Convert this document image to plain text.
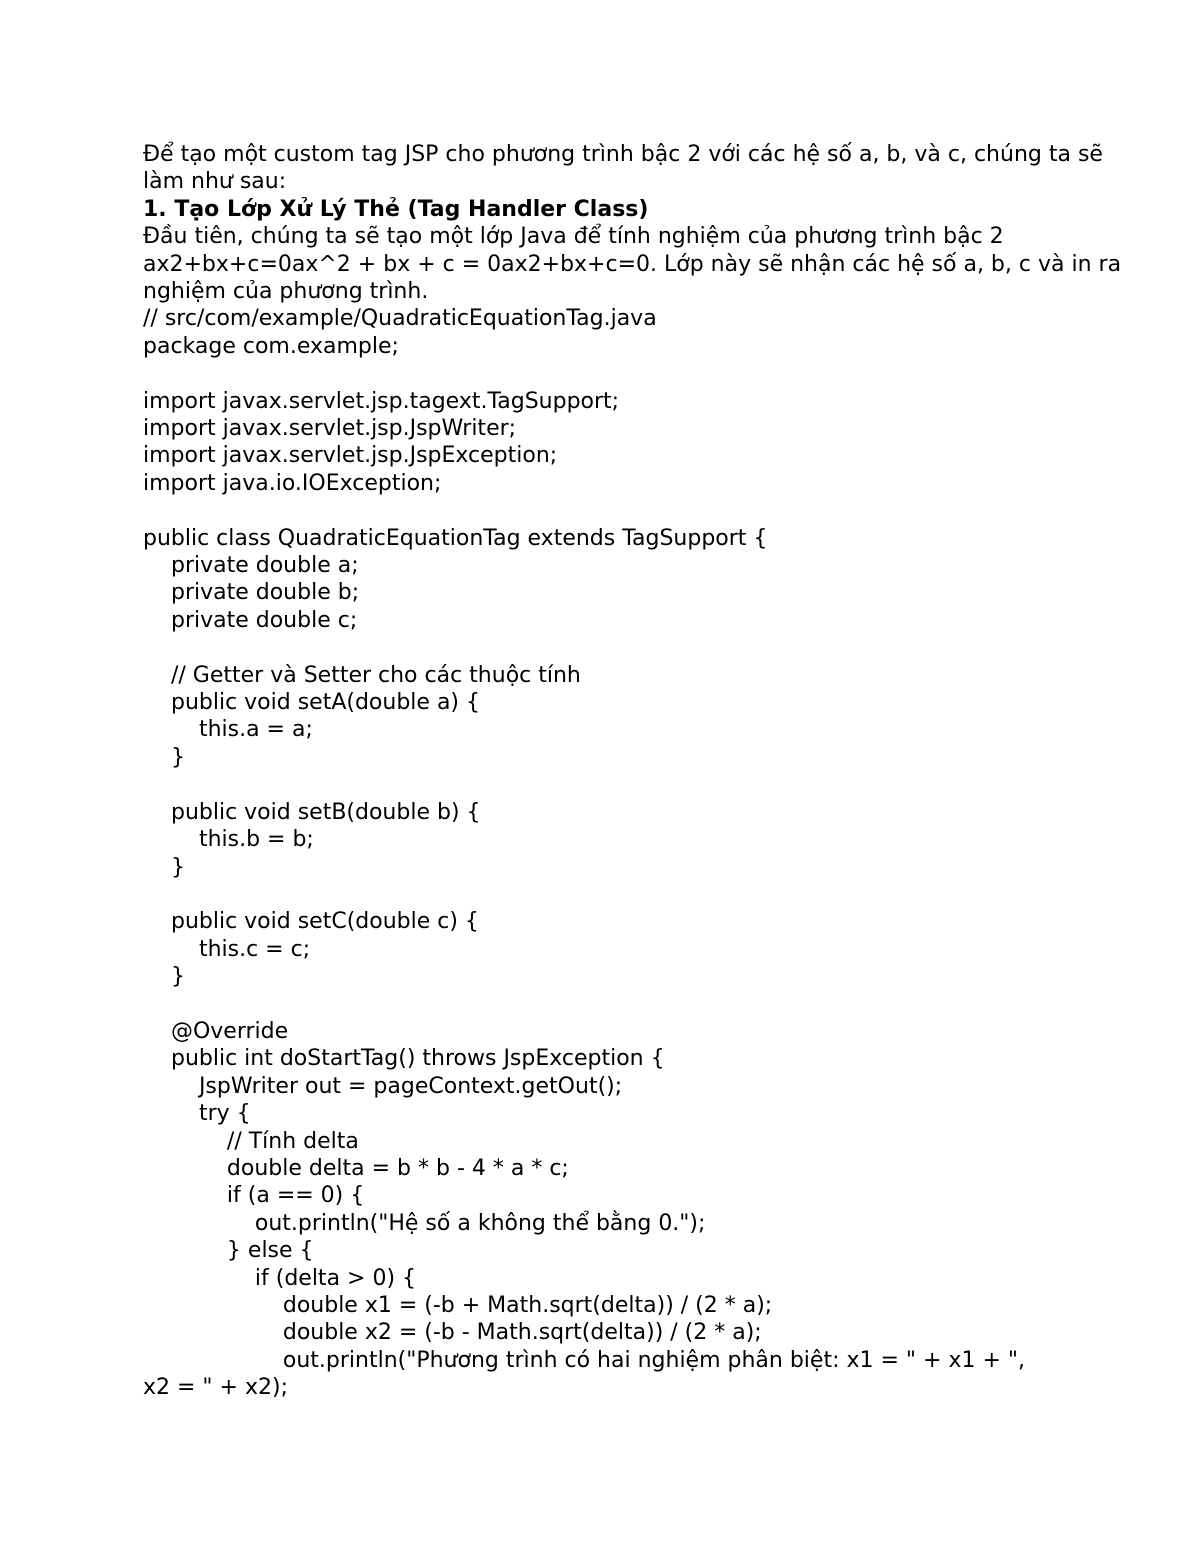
Để tạo một custom tag JSP cho phương trình bậc 2 với các hệ số a, b, và c, chúng ta sẽ làm như sau:
1. Tạo Lớp Xử Lý Thẻ (Tag Handler Class)
Đầu tiên, chúng ta sẽ tạo một lớp Java để tính nghiệm của phương trình bậc 2 ax2+bx+c=0ax^2 + bx + c = 0ax2+bx+c=0. Lớp này sẽ nhận các hệ số a, b, c và in ra nghiệm của phương trình.
// src/com/example/QuadraticEquationTag.java
package com.example;
import javax.servlet.jsp.tagext.TagSupport;
import javax.servlet.jsp.JspWriter;
import javax.servlet.jsp.JspException;
import java.io.IOException;
public class QuadraticEquationTag extends TagSupport {
private double a;
private double b;
private double c;
// Getter và Setter cho các thuộc tính
public void setA(double a) {
this.a = a;
}
public void setB(double b) {
this.b = b;
}
public void setC(double c) {
this.c = c;
}
@Override
public int doStartTag() throws JspException {
JspWriter out = pageContext.getOut();
try {
// Tính delta
double delta = b * b - 4 * a * c;
if (a == 0) {
out.println("Hệ số a không thể bằng 0.");
} else {
if (delta > 0) {
double x1 = (-b + Math.sqrt(delta)) / (2 * a);
double x2 = (-b - Math.sqrt(delta)) / (2 * a);
out.println("Phương trình có hai nghiệm phân biệt: x1 = " + x1 + ",
x2 = " + x2);
